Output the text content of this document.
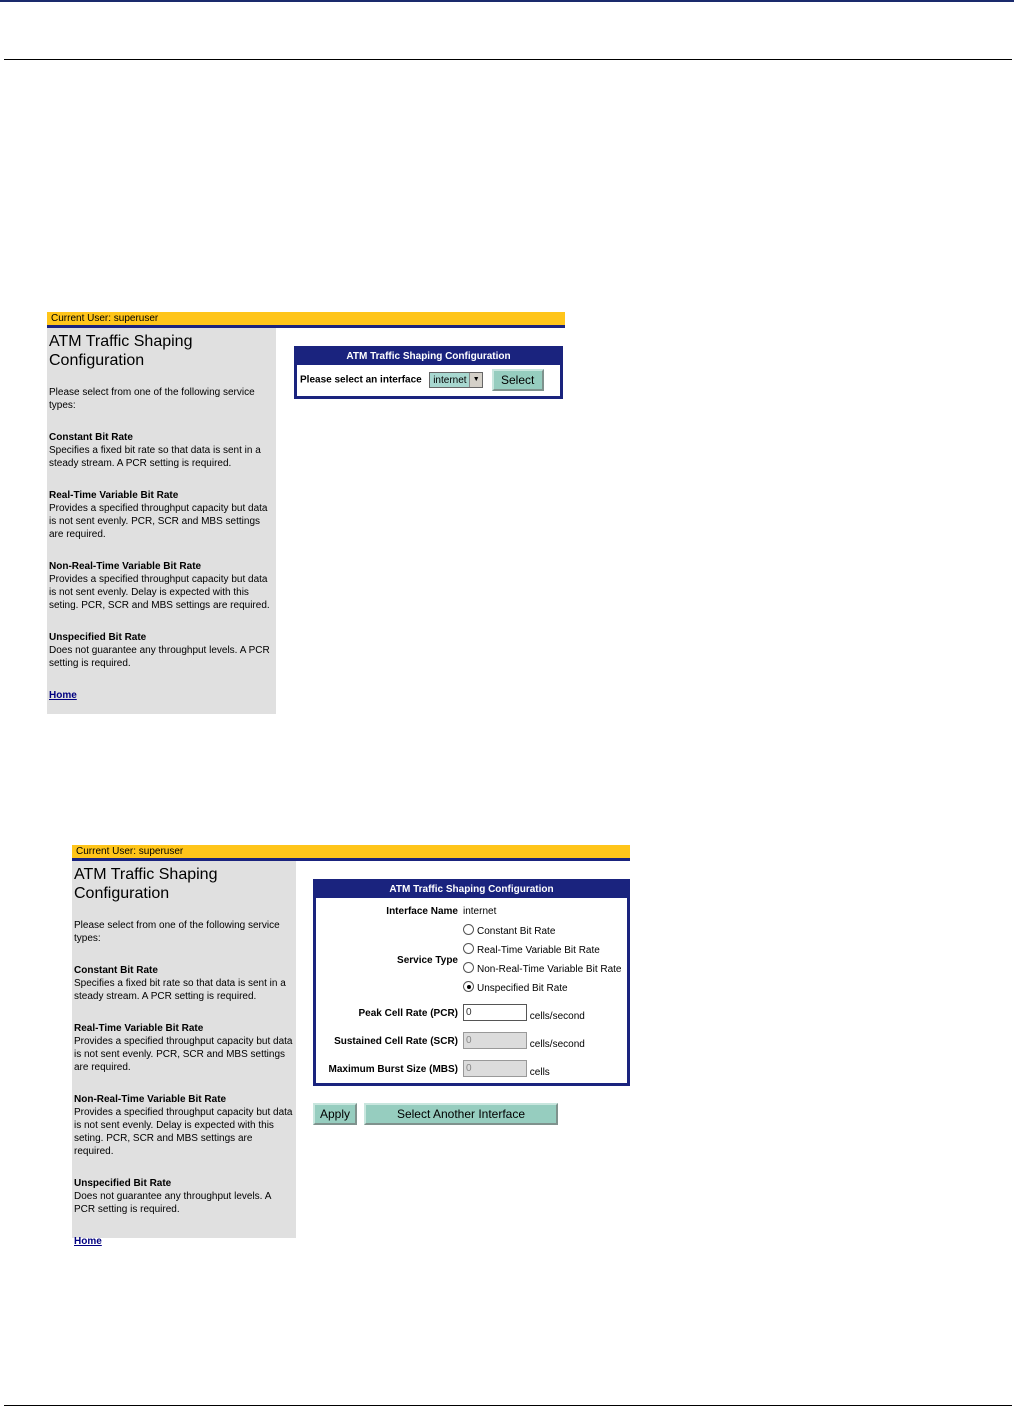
Current User: superuser
ATM Traffic Shaping
Configuration

Please select from one of the following service types:

Constant Bit Rate
Specifies a fixed bit rate so that data is sent in a steady stream. A PCR setting is required.
Real-Time Variable Bit Rate
Provides a specified throughput capacity but data is not sent evenly. PCR, SCR and MBS settings are required.
Non-Real-Time Variable Bit Rate
Provides a specified throughput capacity but data is not sent evenly. Delay is expected with this seting. PCR, SCR and MBS settings are required.
Unspecified Bit Rate
Does not guarantee any throughput levels. A PCR setting is required.
Home
ATM Traffic Shaping Configuration
Please select an interface internet ▼ Select
Current User: superuser
ATM Traffic Shaping
Configuration

Please select from one of the following service types:

Constant Bit Rate
Specifies a fixed bit rate so that data is sent in a steady stream. A PCR setting is required.
Real-Time Variable Bit Rate
Provides a specified throughput capacity but data is not sent evenly. PCR, SCR and MBS settings are required.
Non-Real-Time Variable Bit Rate
Provides a specified throughput capacity but data is not sent evenly. Delay is expected with this seting. PCR, SCR and MBS settings are required.
Unspecified Bit Rate
Does not guarantee any throughput levels. A PCR setting is required.
Home
ATM Traffic Shaping Configuration
Interface Name	internet
Service Type	Constant Bit Rate
Real-Time Variable Bit Rate
Non-Real-Time Variable Bit Rate
Unspecified Bit Rate

Peak Cell Rate (PCR)	0 cells/second
Sustained Cell Rate (SCR)	0 cells/second
Maximum Burst Size (MBS)	0 cells
Apply	Select Another Interface
